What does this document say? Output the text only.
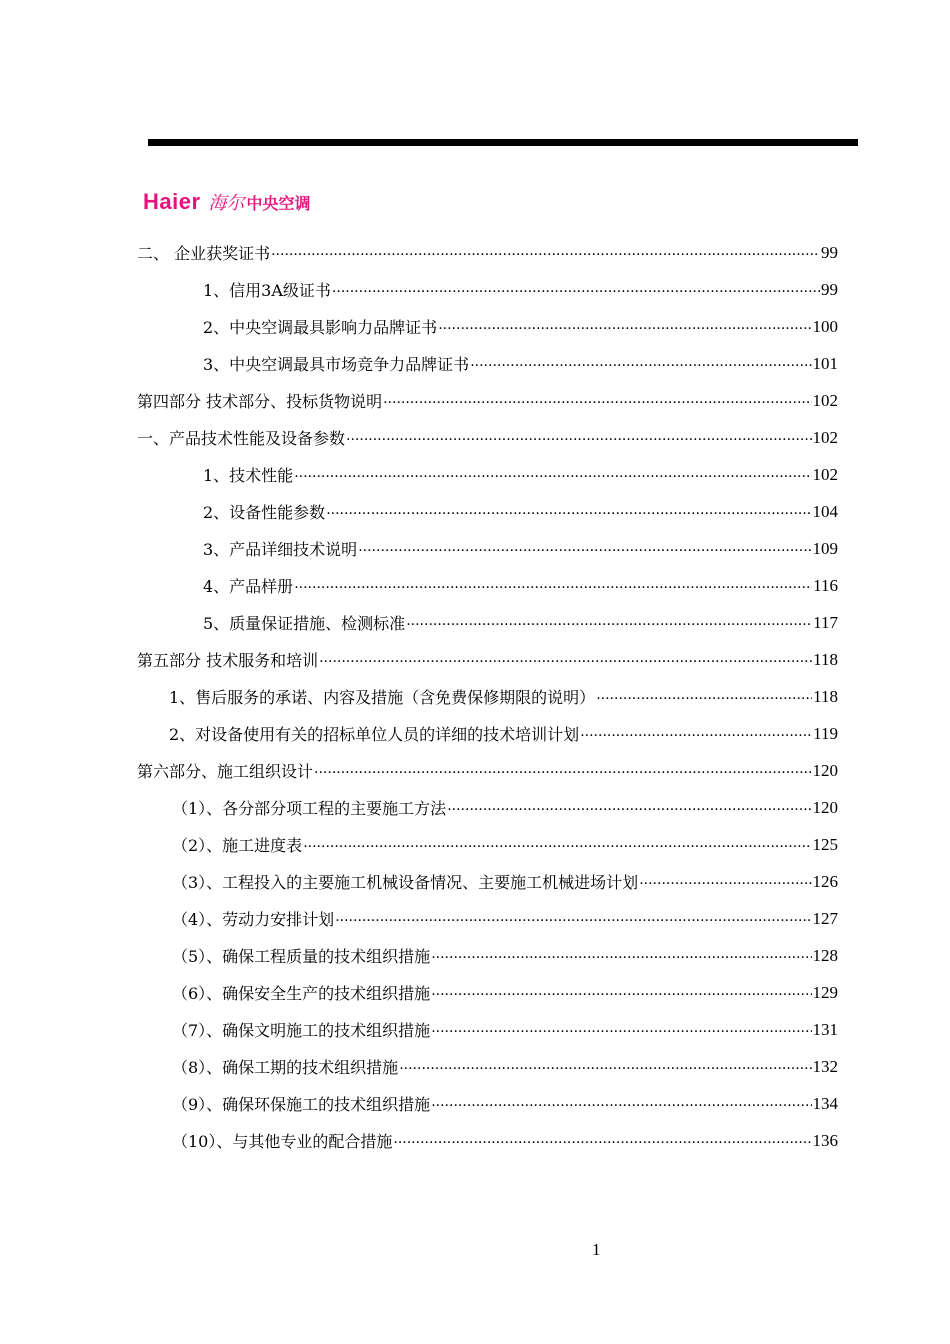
Haier 海尔 中央空调
二、 企业获奖证书 .....	99
1、信用3A级证书 .....	99
2、中央空调最具影响力品牌证书 .....	100
3、中央空调最具市场竞争力品牌证书 .....	101
第四部分 技术部分、投标货物说明 .....	102
一、产品技术性能及设备参数 .....	102
1、技术性能 .....	102
2、设备性能参数 .....	104
3、产品详细技术说明 .....	109
4、产品样册 .....	116
5、质量保证措施、检测标准 .....	117
第五部分 技术服务和培训 .....	118
1、售后服务的承诺、内容及措施（含免费保修期限的说明） .....	118
2、对设备使用有关的招标单位人员的详细的技术培训计划 .....	119
第六部分、施工组织设计 .....	120
（1）、各分部分项工程的主要施工方法 .....	120
（2）、施工进度表 .....	125
（3）、工程投入的主要施工机械设备情况、主要施工机械进场计划 .....	126
（4）、劳动力安排计划 .....	127
（5）、确保工程质量的技术组织措施 .....	128
（6）、确保安全生产的技术组织措施 .....	129
（7）、确保文明施工的技术组织措施 .....	131
（8）、确保工期的技术组织措施 .....	132
（9）、确保环保施工的技术组织措施 .....	134
（10）、与其他专业的配合措施 .....	136
1
